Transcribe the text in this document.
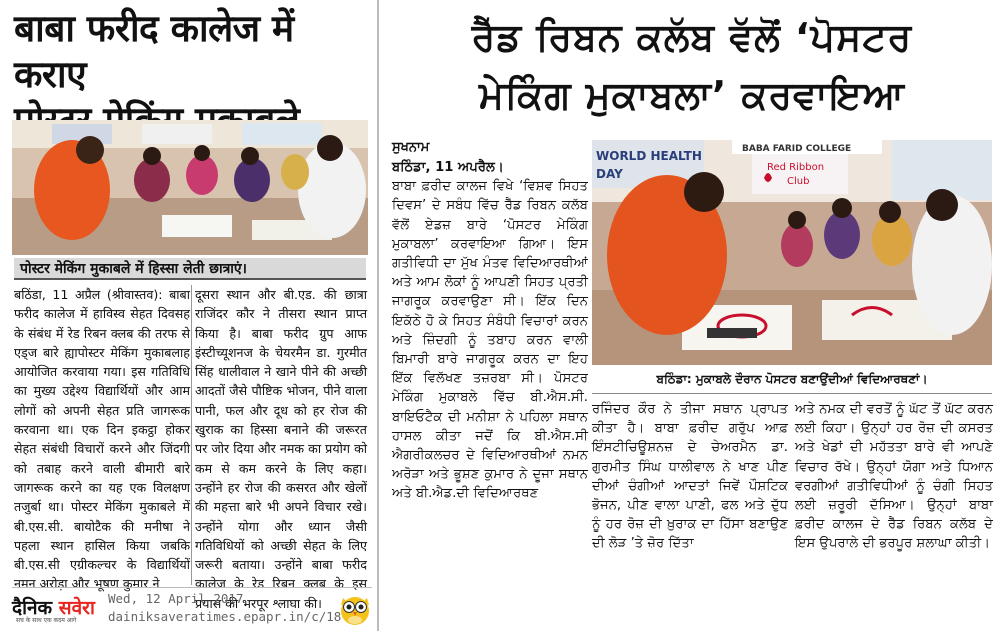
बाबा फरीद कालेज में कराए
पोस्टर मेकिंग मुकाबले में हिस्सा लेती छात्राएं।
बठिंडा, 11 अप्रैल (श्रीवास्तव): बाबा फरीद कालेज में हाविस्व सेहत दिवसह के संबंध में रेड रिबन क्लब की तरफ से एड्ज बारे ह्यापोस्टर मेकिंग मुकाबलाह आयोजित करवाया गया। इस गतिविधि का मुख्य उद्देश्य विद्यार्थियों और आम लोगों को अपनी सेहत प्रति जागरूक करवाना था। एक दिन इकट्ठा होकर सेहत संबंधी विचारों करने और जिंदगी को तबाह करने वाली बीमारी बारे जागरूक करने का यह एक विलक्षण तजुर्बा था। पोस्टर मेकिंग मुकाबले में बी.एस.सी. बायोटैक की मनीषा ने पहला स्थान हासिल किया जबकि बी.एस.सी एग्रीकल्चर के विद्यार्थियों नमन अरोड़ा और भूषण कुमार ने
दूसरा स्थान और बी.एड. की छात्रा राजिंदर कौर ने तीसरा स्थान प्राप्त किया है। बाबा फरीद ग्रुप आफ इंस्टीच्यूशनज के चेयरमैन डा. गुरमीत सिंह धालीवाल ने खाने पीने की अच्छी आदतों जैसे पौष्टिक भोजन, पीने वाला पानी, फल और दूध को हर रोज की खुराक का हिस्सा बनाने की जरूरत पर जोर दिया और नमक का प्रयोग को कम से कम करने के लिए कहा। उन्होंने हर रोज की कसरत और खेलों की महत्ता बारे भी अपने विचार रखे। उन्होंने योगा और ध्यान जैसी गतिविधियों को अच्छी सेहत के लिए जरूरी बताया। उन्होंने बाबा फरीद कालेज के रेड रिबन क्लब के इस प्रयास की भरपूर श्लाघा की।
दैनिक सवेरा
सच के साथ एक कदम आगे
Wed, 12 April 2017
dainiksaveratimes.epapr.in/c/18
ਰੈੱਡ ਰਿਬਨ ਕਲੱਬ ਵੱਲੋਂ ‘ਪੋਸਟਰ
ਮੇਕਿੰਗ ਮੁਕਾਬਲਾ’ ਕਰਵਾਇਆ
ਸੁਖਨਾਮ
ਬਠਿੰਡਾ, 11 ਅਪਰੈਲ।
ਬਾਬਾ ਫ਼ਰੀਦ ਕਾਲਜ ਵਿਖੇ ‘ਵਿਸ਼ਵ ਸਿਹਤ ਦਿਵਸ’ ਦੇ ਸਬੰਧ ਵਿੱਚ ਰੈੱਡ ਰਿਬਨ ਕਲੱਬ ਵੱਲੋਂ ਏਡਜ਼ ਬਾਰੇ ‘ਪੋਸਟਰ ਮੇਕਿੰਗ ਮੁਕਾਬਲਾ’ ਕਰਵਾਇਆ ਗਿਆ। ਇਸ ਗਤੀਵਿਧੀ ਦਾ ਮੁੱਖ ਮੰਤਵ ਵਿਦਿਆਰਥੀਆਂ ਅਤੇ ਆਮ ਲੋਕਾਂ ਨੂੰ ਆਪਣੀ ਸਿਹਤ ਪ੍ਰਤੀ ਜਾਗਰੂਕ ਕਰਵਾਉਣਾ ਸੀ। ਇੱਕ ਦਿਨ ਇਕੱਠੇ ਹੋ ਕੇ ਸਿਹਤ ਸੰਬੰਧੀ ਵਿਚਾਰਾਂ ਕਰਨ ਅਤੇ ਜ਼ਿੰਦਗੀ ਨੂੰ ਤਬਾਹ ਕਰਨ ਵਾਲੀ ਬਿਮਾਰੀ ਬਾਰੇ ਜਾਗਰੂਕ ਕਰਨ ਦਾ ਇਹ ਇੱਕ ਵਿਲੱਖਣ ਤਜ਼ਰਬਾ ਸੀ। ਪੋਸਟਰ ਮੇਕਿੰਗ ਮੁਕਾਬਲੇ ਵਿੱਚ ਬੀ.ਐਸ.ਸੀ. ਬਾਇਓਟੈਕ ਦੀ ਮਨੀਸ਼ਾ ਨੇ ਪਹਿਲਾ ਸਥਾਨ ਹਾਸਲ ਕੀਤਾ ਜਦੋਂ ਕਿ ਬੀ.ਐਸ.ਸੀ ਐਗਰੀਕਲਚਰ ਦੇ ਵਿਦਿਆਰਥੀਆਂ ਨਮਨ ਅਰੋੜਾ ਅਤੇ ਭੂਸ਼ਣ ਕੁਮਾਰ ਨੇ ਦੂਜਾ ਸਥਾਨ ਅਤੇ ਬੀ.ਐਡ.ਦੀ ਵਿਦਿਆਰਥਣ
WORLD HEALTH
DAY
BABA FARID COLLEGE
Red Ribbon
Club
ਬਠਿੰਡਾ: ਮੁਕਾਬਲੇ ਦੌਰਾਨ ਪੋਸਟਰ ਬਣਾਉਂਦੀਆਂ ਵਿਦਿਆਰਥਣਾਂ।
ਰਜਿੰਦਰ ਕੌਰ ਨੇ ਤੀਜਾ ਸਥਾਨ ਪ੍ਰਾਪਤ ਕੀਤਾ ਹੈ। ਬਾਬਾ ਫ਼ਰੀਦ ਗਰੁੱਪ ਆਫ਼ ਇੰਸਟੀਚਿਊਸ਼ਨਜ਼ ਦੇ ਚੇਅਰਮੈਨ ਡਾ. ਗੁਰਮੀਤ ਸਿੰਘ ਧਾਲੀਵਾਲ ਨੇ ਖਾਣ ਪੀਣ ਦੀਆਂ ਚੰਗੀਆਂ ਆਦਤਾਂ ਜਿਵੇਂ ਪੌਸ਼ਟਿਕ ਭੋਜਨ, ਪੀਣ ਵਾਲਾ ਪਾਣੀ, ਫਲ ਅਤੇ ਦੁੱਧ ਨੂੰ ਹਰ ਰੋਜ਼ ਦੀ ਖ਼ੁਰਾਕ ਦਾ ਹਿੱਸਾ ਬਣਾਉਣ ਦੀ ਲੋੜ ’ਤੇ ਜ਼ੋਰ ਦਿੱਤਾ
ਅਤੇ ਨਮਕ ਦੀ ਵਰਤੋਂ ਨੂੰ ਘੱਟ ਤੋਂ ਘੱਟ ਕਰਨ ਲਈ ਕਿਹਾ। ਉਨ੍ਹਾਂ ਹਰ ਰੋਜ਼ ਦੀ ਕਸਰਤ ਅਤੇ ਖੇਡਾਂ ਦੀ ਮਹੱਤਤਾ ਬਾਰੇ ਵੀ ਆਪਣੇ ਵਿਚਾਰ ਰੱਖੇ। ਉਨ੍ਹਾਂ ਯੋਗਾ ਅਤੇ ਧਿਆਨ ਵਰਗੀਆਂ ਗਤੀਵਿਧੀਆਂ ਨੂੰ ਚੰਗੀ ਸਿਹਤ ਲਈ ਜ਼ਰੂਰੀ ਦੱਸਿਆ। ਉਨ੍ਹਾਂ ਬਾਬਾ ਫ਼ਰੀਦ ਕਾਲਜ ਦੇ ਰੈੱਡ ਰਿਬਨ ਕਲੱਬ ਦੇ ਇਸ ਉਪਰਾਲੇ ਦੀ ਭਰਪੂਰ ਸ਼ਲਾਘਾ ਕੀਤੀ।
